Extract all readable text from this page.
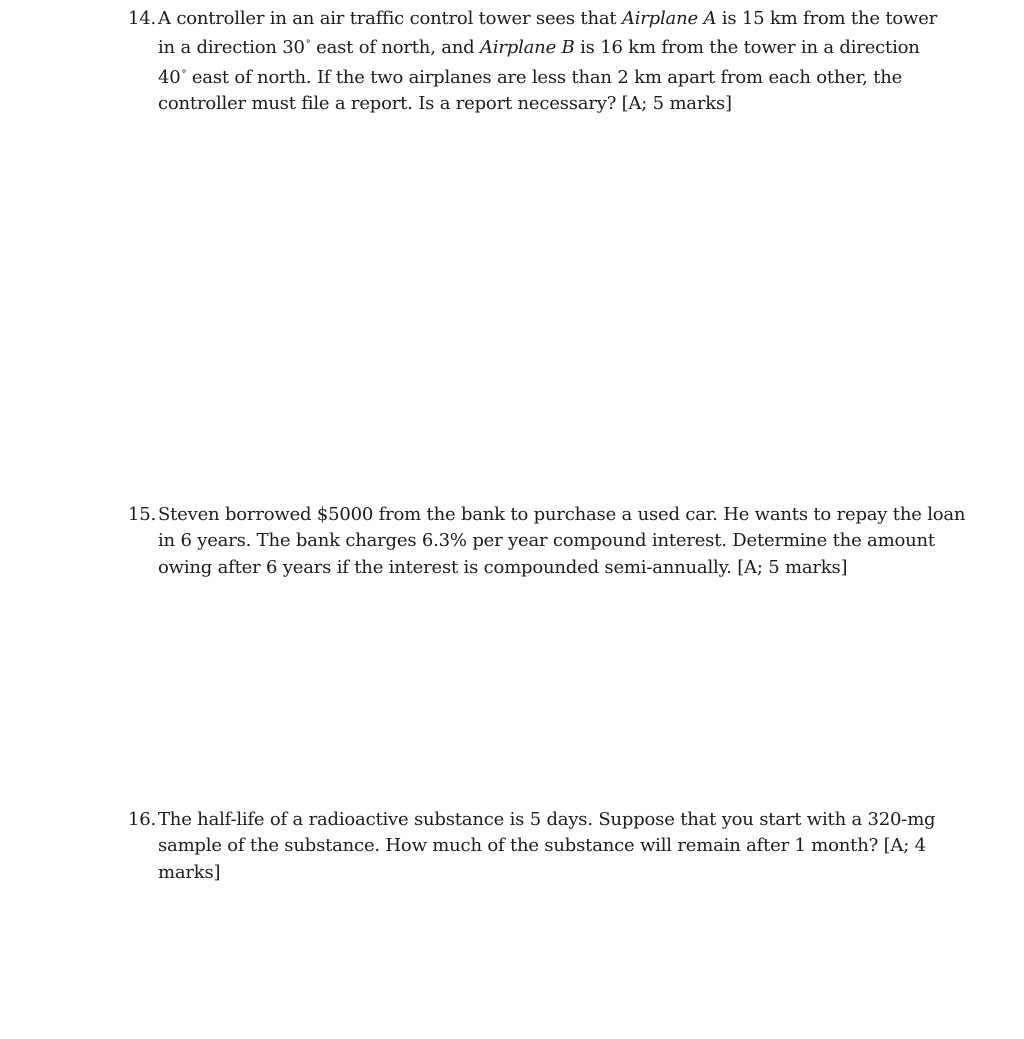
14. A controller in an air traffic control tower sees that Airplane A is 15 km from the tower
in a direction 30° east of north, and Airplane B is 16 km from the tower in a direction
40° east of north. If the two airplanes are less than 2 km apart from each other, the
controller must file a report. Is a report necessary? [A; 5 marks]
15. Steven borrowed $5000 from the bank to purchase a used car. He wants to repay the loan
in 6 years. The bank charges 6.3% per year compound interest. Determine the amount
owing after 6 years if the interest is compounded semi-annually. [A; 5 marks]
16. The half-life of a radioactive substance is 5 days. Suppose that you start with a 320-mg
sample of the substance. How much of the substance will remain after 1 month? [A; 4
marks]
